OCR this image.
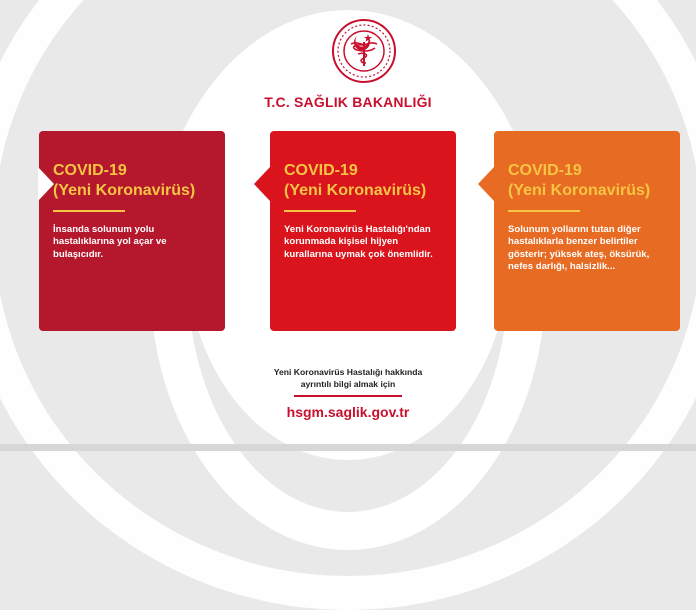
T.C. SAĞLIK BAKANLIĞI
COVID-19
(Yeni Koronavirüs)
İnsanda solunum yolu hastalıklarına yol açar ve bulaşıcıdır.
COVID-19
(Yeni Koronavirüs)
Yeni Koronavirüs Hastalığı'ndan korunmada kişisel hijyen kurallarına uymak çok önemlidir.
COVID-19
(Yeni Koronavirüs)
Solunum yollarını tutan diğer hastalıklarla benzer belirtiler gösterir; yüksek ateş, öksürük, nefes darlığı, halsizlik...
Yeni Koronavirüs Hastalığı hakkında
ayrıntılı bilgi almak için
hsgm.saglik.gov.tr
